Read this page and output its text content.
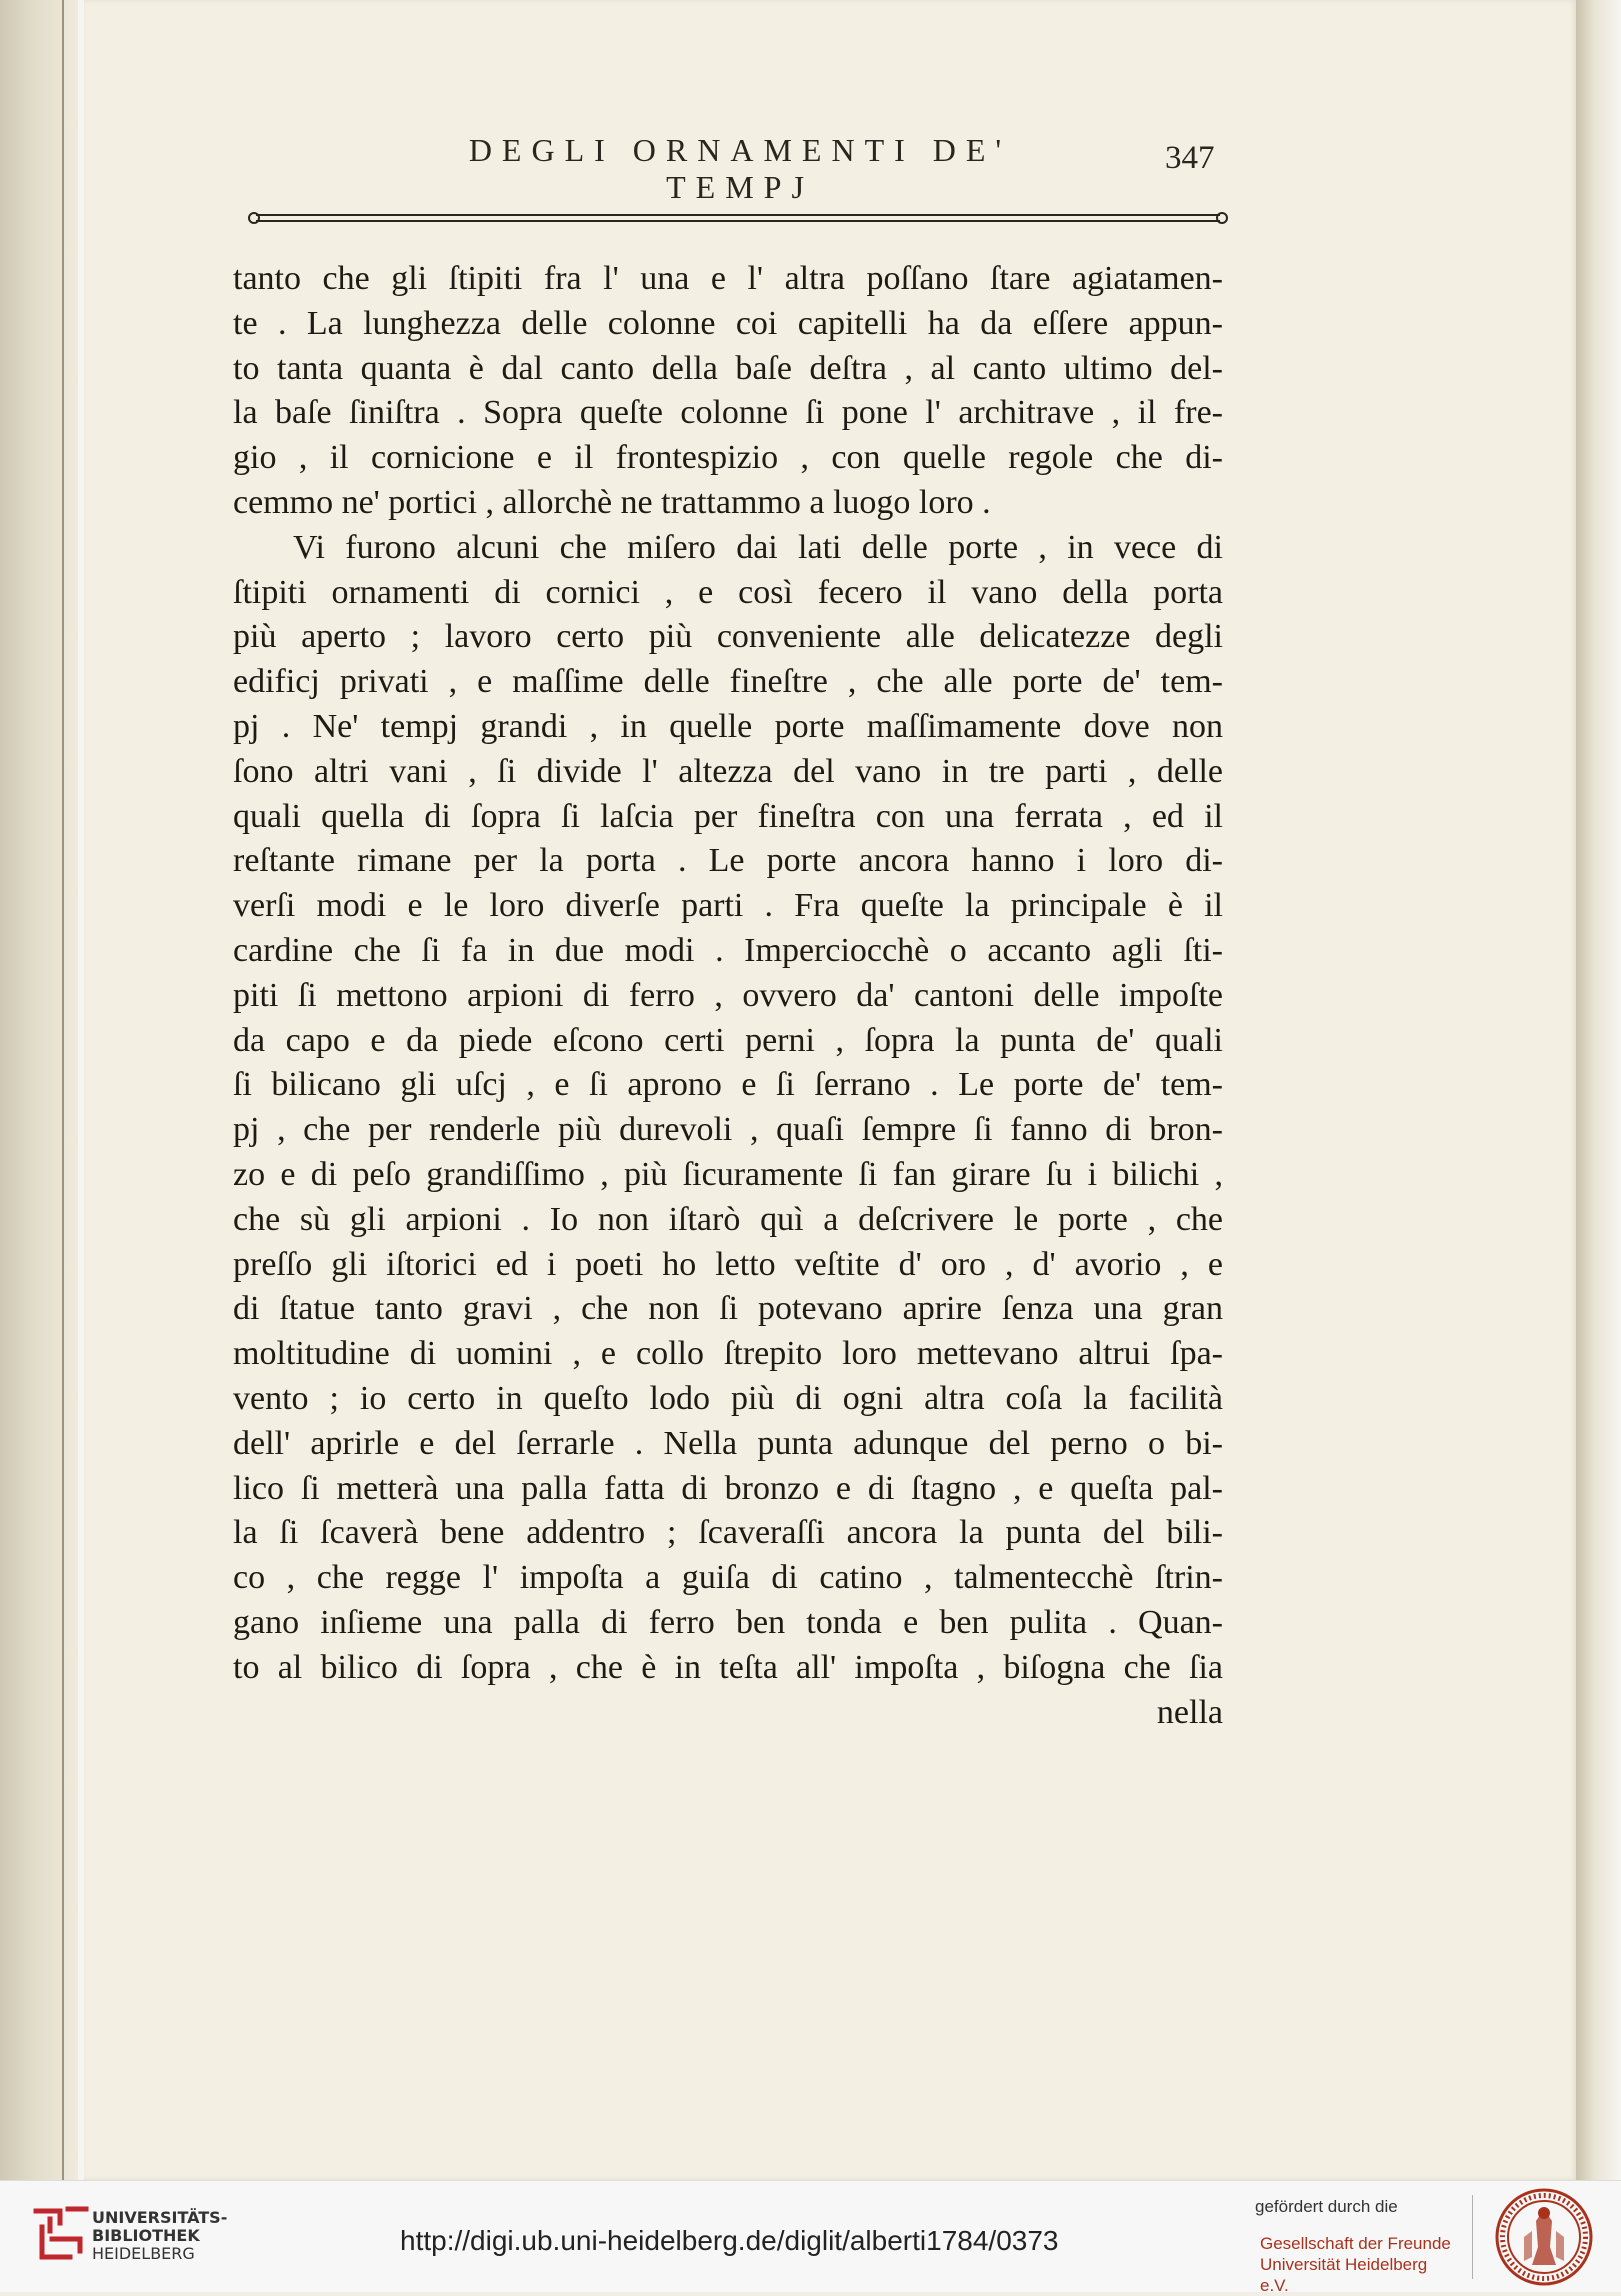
DEGLI ORNAMENTI DE' TEMPJ
347
tanto che gli ſtipiti fra l' una e l' altra poſſano ſtare agiatamen-
te . La lunghezza delle colonne coi capitelli ha da eſſere appun-
to tanta quanta è dal canto della baſe deſtra , al canto ultimo del-
la baſe ſiniſtra . Sopra queſte colonne ſi pone l' architrave , il fre-
gio , il cornicione e il frontespizio , con quelle regole che di-
cemmo ne' portici , allorchè ne trattammo a luogo loro .
Vi furono alcuni che miſero dai lati delle porte , in vece di
ſtipiti ornamenti di cornici , e così fecero il vano della porta
più aperto ; lavoro certo più conveniente alle delicatezze degli
edificj privati , e maſſime delle fineſtre , che alle porte de' tem-
pj . Ne' tempj grandi , in quelle porte maſſimamente dove non
ſono altri vani , ſi divide l' altezza del vano in tre parti , delle
quali quella di ſopra ſi laſcia per fineſtra con una ferrata , ed il
reſtante rimane per la porta . Le porte ancora hanno i loro di-
verſi modi e le loro diverſe parti . Fra queſte la principale è il
cardine che ſi fa in due modi . Imperciocchè o accanto agli ſti-
piti ſi mettono arpioni di ferro , ovvero da' cantoni delle impoſte
da capo e da piede eſcono certi perni , ſopra la punta de' quali
ſi bilicano gli uſcj , e ſi aprono e ſi ſerrano . Le porte de' tem-
pj , che per renderle più durevoli , quaſi ſempre ſi fanno di bron-
zo e di peſo grandiſſimo , più ſicuramente ſi fan girare ſu i bilichi ,
che sù gli arpioni . Io non iſtarò quì a deſcrivere le porte , che
preſſo gli iſtorici ed i poeti ho letto veſtite d' oro , d' avorio , e
di ſtatue tanto gravi , che non ſi potevano aprire ſenza una gran
moltitudine di uomini , e collo ſtrepito loro mettevano altrui ſpa-
vento ; io certo in queſto lodo più di ogni altra coſa la facilità
dell' aprirle e del ſerrarle . Nella punta adunque del perno o bi-
lico ſi metterà una palla fatta di bronzo e di ſtagno , e queſta pal-
la ſi ſcaverà bene addentro ; ſcaveraſſi ancora la punta del bili-
co , che regge l' impoſta a guiſa di catino , talmentecchè ſtrin-
gano inſieme una palla di ferro ben tonda e ben pulita . Quan-
to al bilico di ſopra , che è in teſta all' impoſta , biſogna che ſia
nella
UNIVERSITÄTS-
BIBLIOTHEK
HEIDELBERG	http://digi.ub.uni-heidelberg.de/diglit/alberti1784/0373
gefördert durch die
Gesellschaft der Freunde
Universität Heidelberg e.V.
